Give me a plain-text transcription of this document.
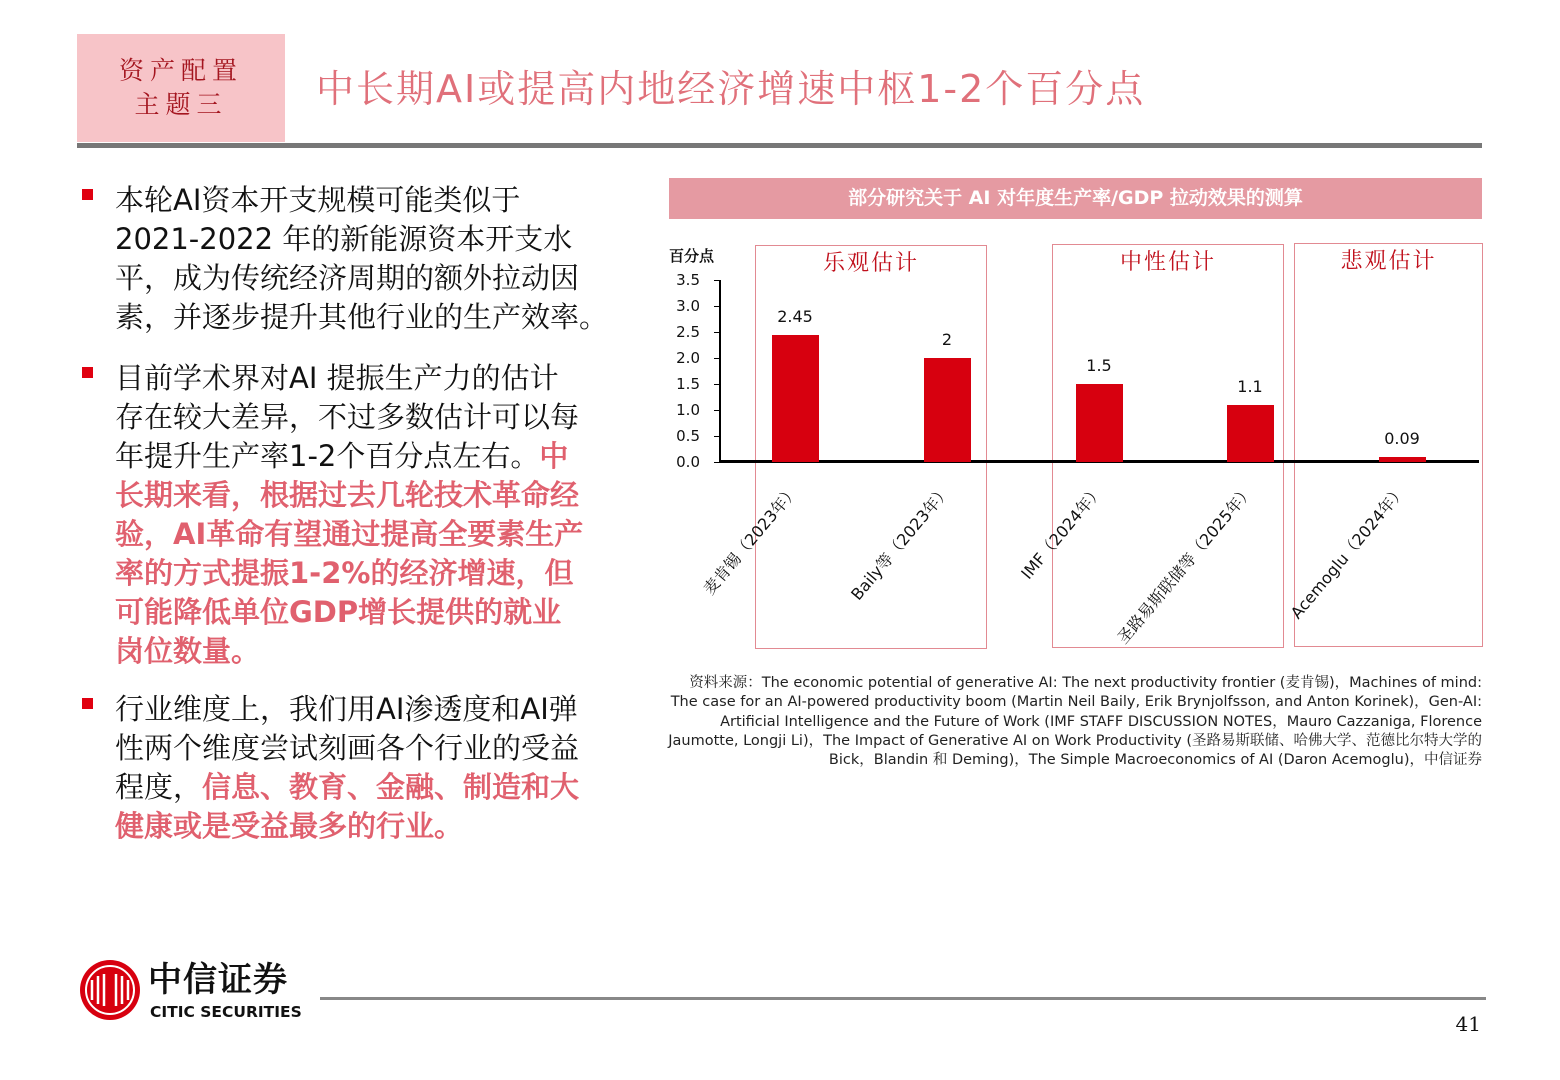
资产配置
主题三	中长期AI或提高内地经济增速中枢1-2个百分点
本轮AI资本开支规模可能类似于
2021-2022 年的新能源资本开支水
平，成为传统经济周期的额外拉动因
素，并逐步提升其他行业的生产效率。
目前学术界对AI 提振生产力的估计
存在较大差异，不过多数估计可以每
年提升生产率1-2个百分点左右。中
长期来看，根据过去几轮技术革命经
验，AI革命有望通过提高全要素生产
率的方式提振1-2%的经济增速，但
可能降低单位GDP增长提供的就业
岗位数量。
行业维度上，我们用AI渗透度和AI弹
性两个维度尝试刻画各个行业的受益
程度，信息、教育、金融、制造和大
健康或是受益最多的行业。
部分研究关于 AI 对年度生产率/GDP 拉动效果的测算
乐观估计	中性估计	悲观估计
百分点
0.0
0.5
1.0
1.5
2.0
2.5
3.0
3.5
2.45
麦肯锡（2023年）
2
Baily等（2023年）
1.5
IMF（2024年）
1.1
圣路易斯联储等（2025年）
0.09
Acemoglu（2024年）
资料来源：The economic potential of generative AI: The next productivity frontier (麦肯锡)，Machines of mind: The case for an AI-powered productivity boom (Martin Neil Baily, Erik Brynjolfsson, and Anton Korinek)，Gen-AI: Artificial Intelligence and the Future of Work (IMF STAFF DISCUSSION NOTES，Mauro Cazzaniga, Florence Jaumotte, Longji Li)，The Impact of Generative AI on Work Productivity (圣路易斯联储、哈佛大学、范德比尔特大学的 Bick，Blandin 和 Deming)，The Simple Macroeconomics of AI (Daron Acemoglu)，中信证券
中信证券
CITIC SECURITIES	41
